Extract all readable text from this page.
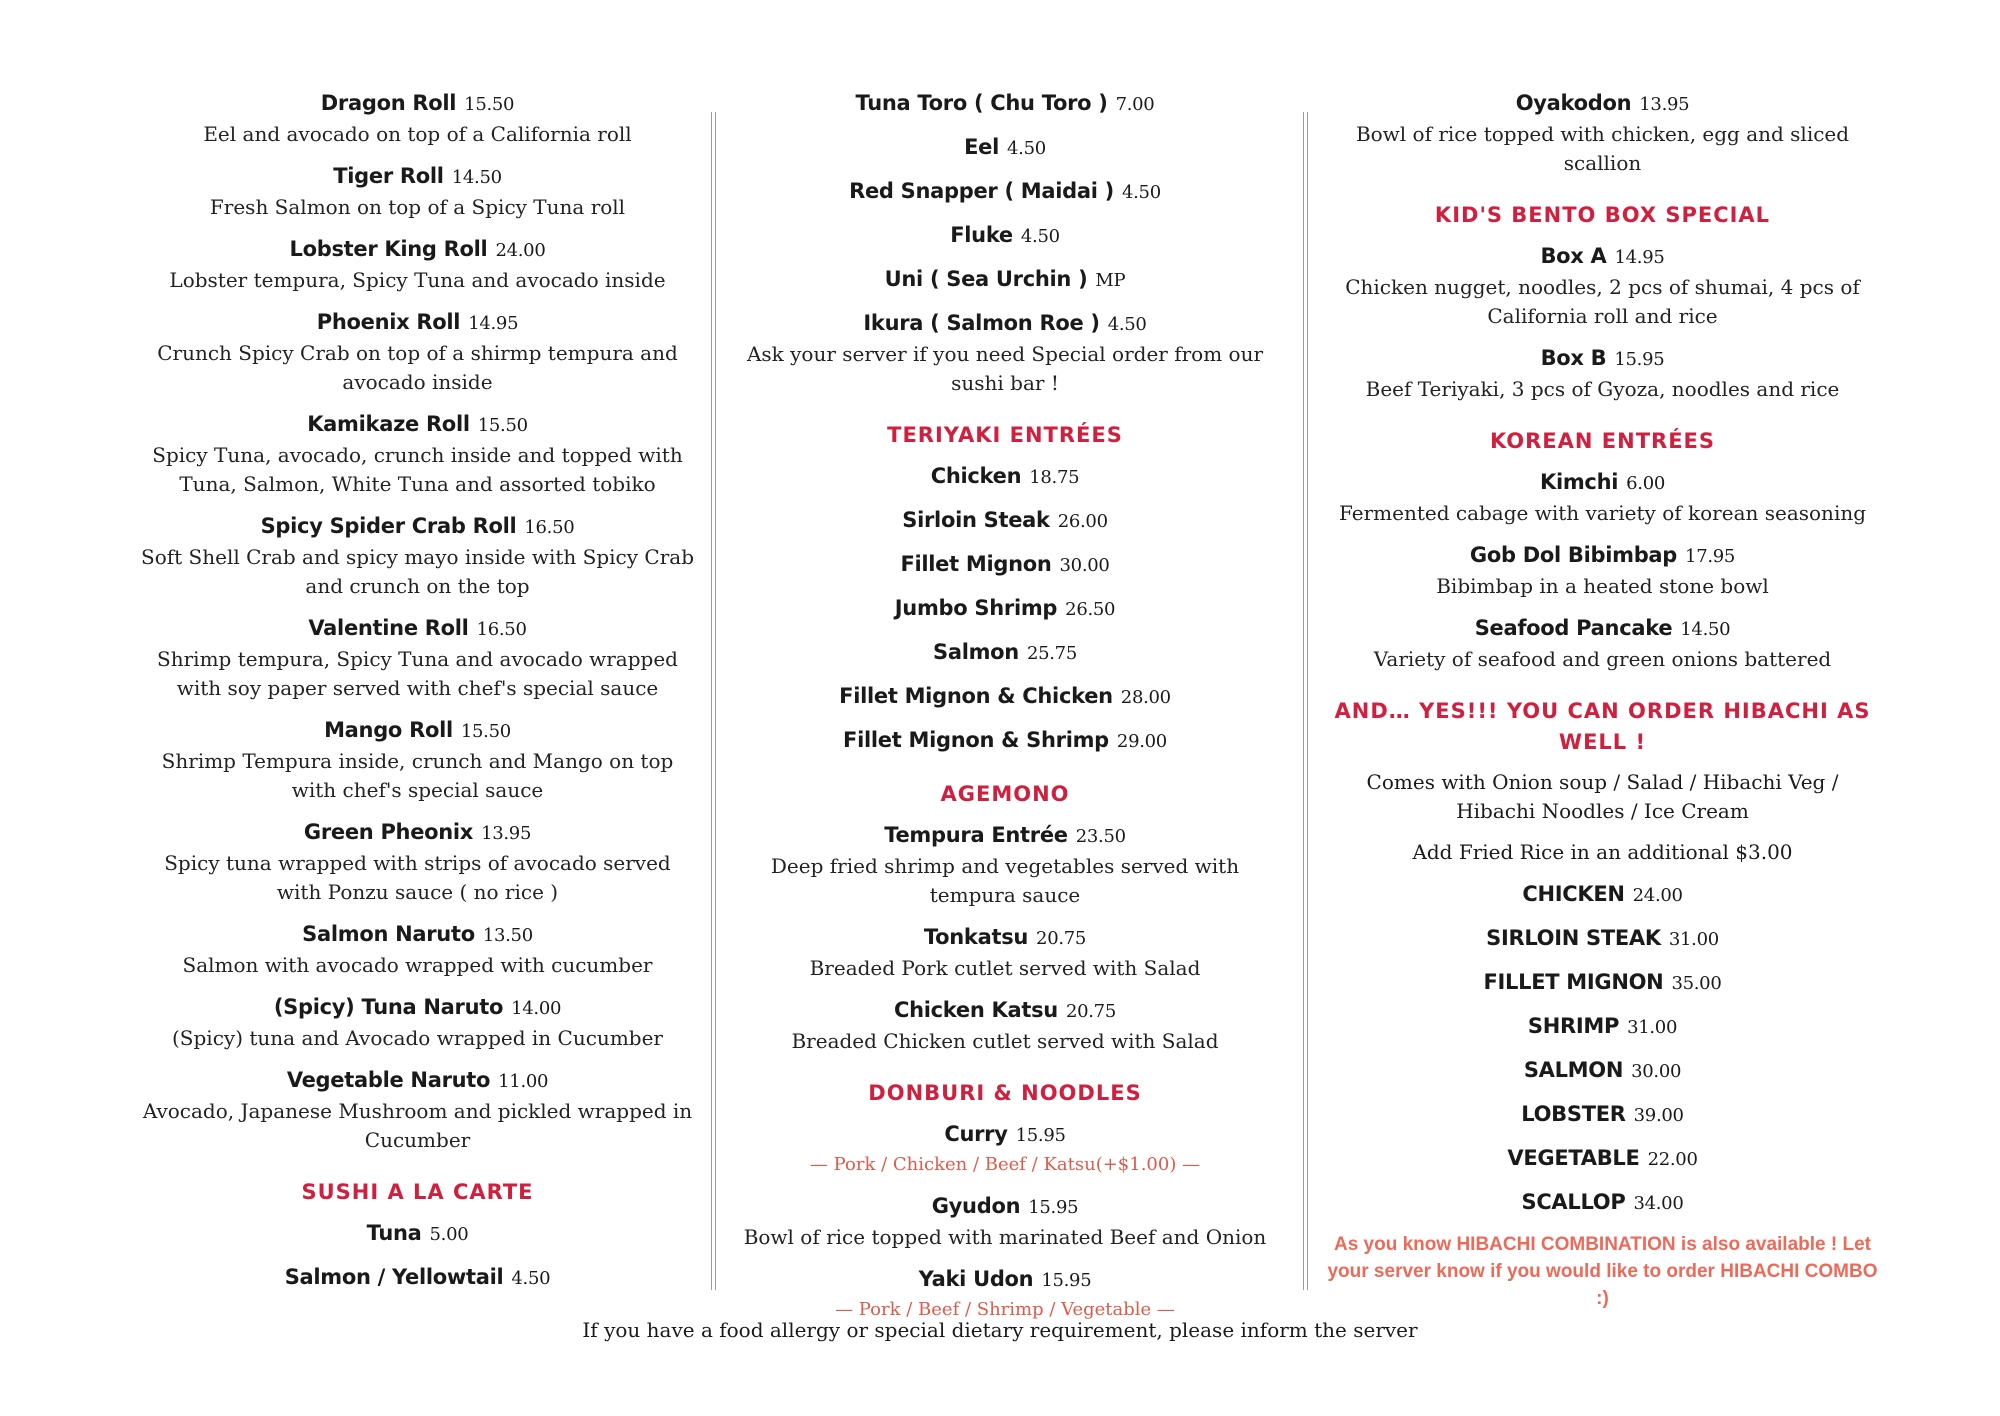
Dragon Roll 15.50
Eel and avocado on top of a California roll
Tiger Roll 14.50
Fresh Salmon on top of a Spicy Tuna roll
Lobster King Roll 24.00
Lobster tempura, Spicy Tuna and avocado inside
Phoenix Roll 14.95
Crunch Spicy Crab on top of a shirmp tempura and avocado inside
Kamikaze Roll 15.50
Spicy Tuna, avocado, crunch inside and topped with Tuna, Salmon, White Tuna and assorted tobiko
Spicy Spider Crab Roll 16.50
Soft Shell Crab and spicy mayo inside with Spicy Crab and crunch on the top
Valentine Roll 16.50
Shrimp tempura, Spicy Tuna and avocado wrapped with soy paper served with chef's special sauce
Mango Roll 15.50
Shrimp Tempura inside, crunch and Mango on top with chef's special sauce
Green Pheonix 13.95
Spicy tuna wrapped with strips of avocado served with Ponzu sauce ( no rice )
Salmon Naruto 13.50
Salmon with avocado wrapped with cucumber
(Spicy) Tuna Naruto 14.00
(Spicy) tuna and Avocado wrapped in Cucumber
Vegetable Naruto 11.00
Avocado, Japanese Mushroom and pickled wrapped in Cucumber
SUSHI A LA CARTE
Tuna 5.00
Salmon / Yellowtail 4.50
Tuna Toro ( Chu Toro ) 7.00
Eel 4.50
Red Snapper ( Maidai ) 4.50
Fluke 4.50
Uni ( Sea Urchin ) MP
Ikura ( Salmon Roe ) 4.50
Ask your server if you need Special order from our sushi bar !
TERIYAKI ENTRÉES
Chicken 18.75
Sirloin Steak 26.00
Fillet Mignon 30.00
Jumbo Shrimp 26.50
Salmon 25.75
Fillet Mignon & Chicken 28.00
Fillet Mignon & Shrimp 29.00
AGEMONO
Tempura Entrée 23.50
Deep fried shrimp and vegetables served with tempura sauce
Tonkatsu 20.75
Breaded Pork cutlet served with Salad
Chicken Katsu 20.75
Breaded Chicken cutlet served with Salad
DONBURI & NOODLES
Curry 15.95
— Pork / Chicken / Beef / Katsu(+$1.00) —
Gyudon 15.95
Bowl of rice topped with marinated Beef and Onion
Yaki Udon 15.95
— Pork / Beef / Shrimp / Vegetable —
Oyakodon 13.95
Bowl of rice topped with chicken, egg and sliced scallion
KID'S BENTO BOX SPECIAL
Box A 14.95
Chicken nugget, noodles, 2 pcs of shumai, 4 pcs of California roll and rice
Box B 15.95
Beef Teriyaki, 3 pcs of Gyoza, noodles and rice
KOREAN ENTRÉES
Kimchi 6.00
Fermented cabage with variety of korean seasoning
Gob Dol Bibimbap 17.95
Bibimbap in a heated stone bowl
Seafood Pancake 14.50
Variety of seafood and green onions battered
AND… YES!!! YOU CAN ORDER HIBACHI AS WELL !
Comes with Onion soup / Salad / Hibachi Veg / Hibachi Noodles / Ice Cream
Add Fried Rice in an additional $3.00
CHICKEN 24.00
SIRLOIN STEAK 31.00
FILLET MIGNON 35.00
SHRIMP 31.00
SALMON 30.00
LOBSTER 39.00
VEGETABLE 22.00
SCALLOP 34.00
As you know HIBACHI COMBINATION is also available ! Let your server know if you would like to order HIBACHI COMBO :)
If you have a food allergy or special dietary requirement, please inform the server
